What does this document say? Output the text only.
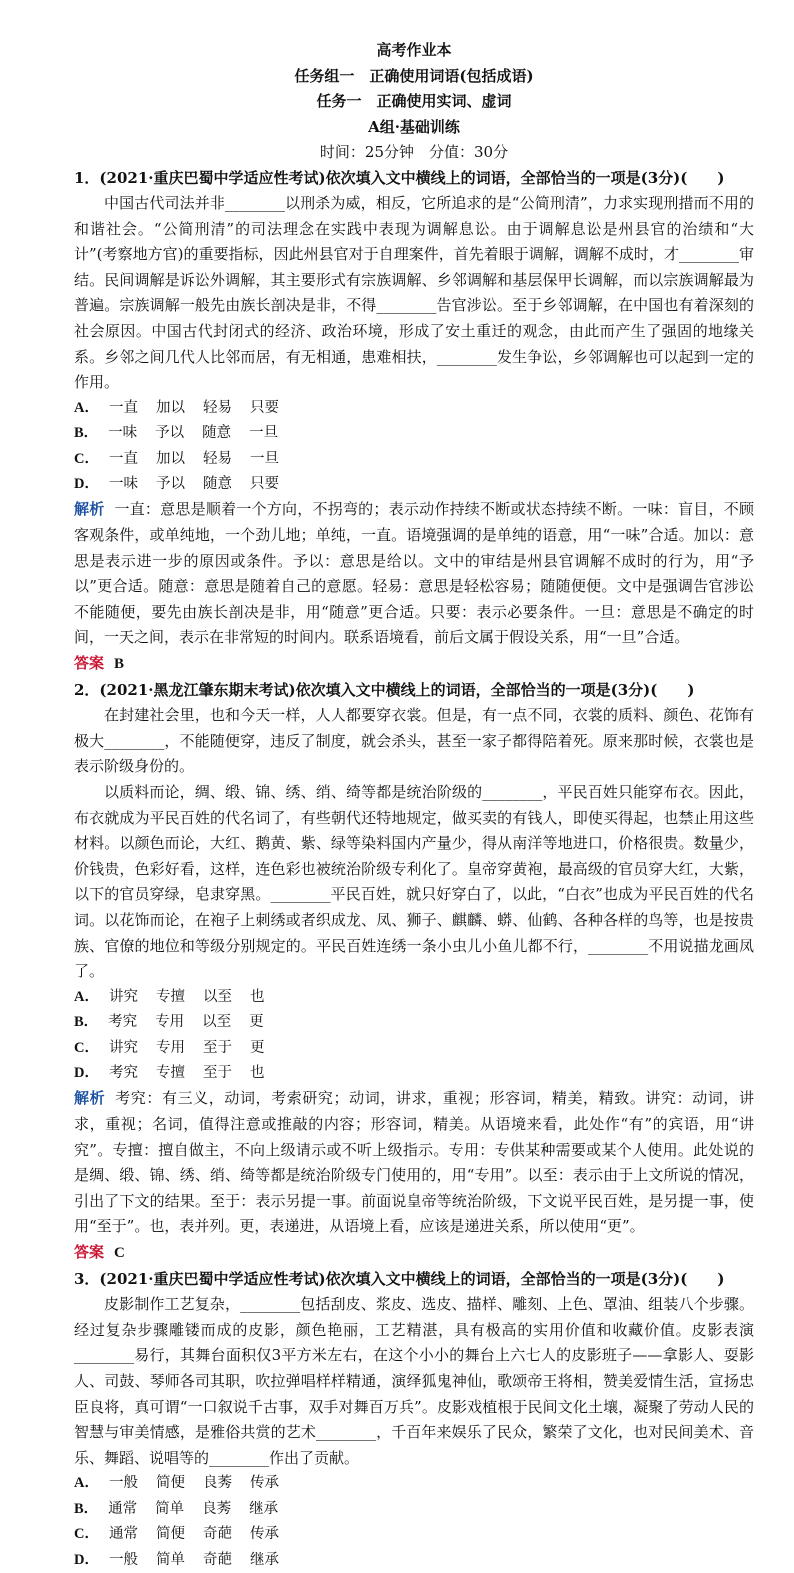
高考作业本
任务组一　正确使用词语(包括成语)
任务一　正确使用实词、虚词
A组·基础训练
时间：25分钟　分值：30分

1．(2021·重庆巴蜀中学适应性考试)依次填入文中横线上的词语，全部恰当的一项是(3分)(　　)

中国古代司法并非________以刑杀为威，相反，它所追求的是“公简刑清”，力求实现刑措而不用的和谐社会。“公简刑清”的司法理念在实践中表现为调解息讼。由于调解息讼是州县官的治绩和“大计”(考察地方官)的重要指标，因此州县官对于自理案件，首先着眼于调解，调解不成时，才________审结。民间调解是诉讼外调解，其主要形式有宗族调解、乡邻调解和基层保甲长调解，而以宗族调解最为普遍。宗族调解一般先由族长剖决是非，不得________告官涉讼。至于乡邻调解，在中国也有着深刻的社会原因。中国古代封闭式的经济、政治环境，形成了安土重迁的观念，由此而产生了强固的地缘关系。乡邻之间几代人比邻而居，有无相通，患难相扶，________发生争讼，乡邻调解也可以起到一定的作用。

A． 一直 加以 轻易 只要

B． 一味 予以 随意 一旦

C． 一直 加以 轻易 一旦

D． 一味 予以 随意 只要

解析 一直：意思是顺着一个方向，不拐弯的；表示动作持续不断或状态持续不断。一味：盲目，不顾客观条件，或单纯地，一个劲儿地；单纯，一直。语境强调的是单纯的语意，用“一味”合适。加以：意思是表示进一步的原因或条件。予以：意思是给以。文中的审结是州县官调解不成时的行为，用“予以”更合适。随意：意思是随着自己的意愿。轻易：意思是轻松容易；随随便便。文中是强调告官涉讼不能随便，要先由族长剖决是非，用“随意”更合适。只要：表示必要条件。一旦：意思是不确定的时间，一天之间，表示在非常短的时间内。联系语境看，前后文属于假设关系，用“一旦”合适。

答案 B

2．(2021·黑龙江肇东期末考试)依次填入文中横线上的词语，全部恰当的一项是(3分)(　　)

在封建社会里，也和今天一样，人人都要穿衣裳。但是，有一点不同，衣裳的质料、颜色、花饰有极大________，不能随便穿，违反了制度，就会杀头，甚至一家子都得陪着死。原来那时候，衣裳也是表示阶级身份的。

以质料而论，绸、缎、锦、绣、绡、绮等都是统治阶级的________，平民百姓只能穿布衣。因此，布衣就成为平民百姓的代名词了，有些朝代还特地规定，做买卖的有钱人，即使买得起，也禁止用这些材料。以颜色而论，大红、鹅黄、紫、绿等染料国内产量少，得从南洋等地进口，价格很贵。数量少，价钱贵，色彩好看，这样，连色彩也被统治阶级专利化了。皇帝穿黄袍，最高级的官员穿大红，大紫，以下的官员穿绿，皂隶穿黑。________平民百姓，就只好穿白了，以此，“白衣”也成为平民百姓的代名词。以花饰而论，在袍子上刺绣或者织成龙、凤、狮子、麒麟、蟒、仙鹤、各种各样的鸟等，也是按贵族、官僚的地位和等级分别规定的。平民百姓连绣一条小虫儿小鱼儿都不行，________不用说描龙画凤了。

A． 讲究 专擅 以至 也

B． 考究 专用 以至 更

C． 讲究 专用 至于 更

D． 考究 专擅 至于 也

解析 考究：有三义，动词，考索研究；动词，讲求，重视；形容词，精美，精致。讲究：动词，讲求，重视；名词，值得注意或推敲的内容；形容词，精美。从语境来看，此处作“有”的宾语，用“讲究”。专擅：擅自做主，不向上级请示或不听上级指示。专用：专供某种需要或某个人使用。此处说的是绸、缎、锦、绣、绡、绮等都是统治阶级专门使用的，用“专用”。以至：表示由于上文所说的情况，引出了下文的结果。至于：表示另提一事。前面说皇帝等统治阶级，下文说平民百姓，是另提一事，使用“至于”。也，表并列。更，表递进，从语境上看，应该是递进关系，所以使用“更”。

答案 C

3．(2021·重庆巴蜀中学适应性考试)依次填入文中横线上的词语，全部恰当的一项是(3分)(　　)

皮影制作工艺复杂，________包括刮皮、浆皮、选皮、描样、雕刻、上色、罩油、组装八个步骤。经过复杂步骤雕镂而成的皮影，颜色艳丽，工艺精湛，具有极高的实用价值和收藏价值。皮影表演________易行，其舞台面积仅3平方米左右，在这个小小的舞台上六七人的皮影班子——拿影人、耍影人、司鼓、琴师各司其职，吹拉弹唱样样精通，演绎狐鬼神仙，歌颂帝王将相，赞美爱情生活，宣扬忠臣良将，真可谓“一口叙说千古事，双手对舞百万兵”。皮影戏植根于民间文化土壤，凝聚了劳动人民的智慧与审美情感，是雅俗共赏的艺术________，千百年来娱乐了民众，繁荣了文化，也对民间美术、音乐、舞蹈、说唱等的________作出了贡献。

A． 一般 简便 良莠 传承

B． 通常 简单 良莠 继承

C． 通常 简便 奇葩 传承

D． 一般 简单 奇葩 继承
